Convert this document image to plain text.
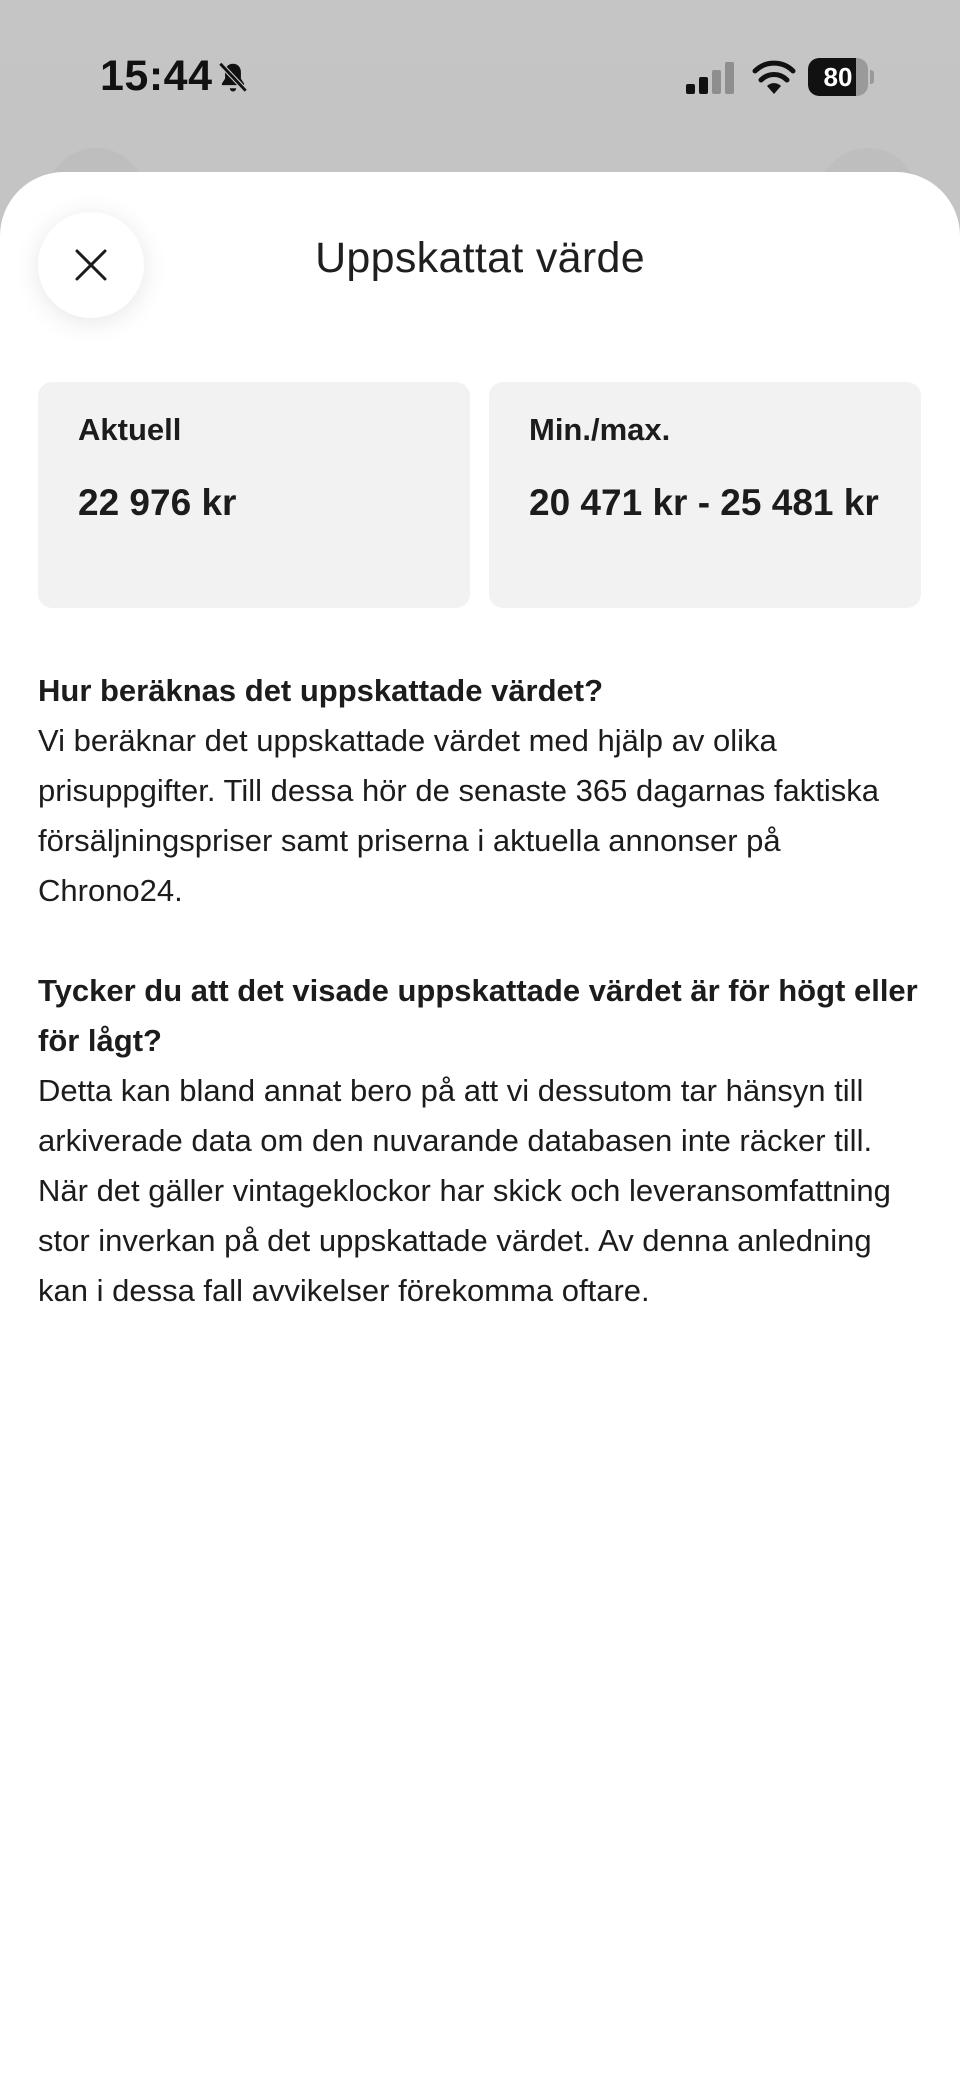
15:44	80
Uppskattat värde
Aktuell
22 976 kr
Min./max.
20 471 kr - 25 481 kr
Hur beräknas det uppskattade värdet?
Vi beräknar det uppskattade värdet med hjälp av olika prisuppgifter. Till dessa hör de senaste 365 dagarnas faktiska försäljningspriser samt priserna i aktuella annonser på Chrono24.
Tycker du att det visade uppskattade värdet är för högt eller för lågt?
Detta kan bland annat bero på att vi dessutom tar hänsyn till arkiverade data om den nuvarande databasen inte räcker till. När det gäller vintageklockor har skick och leveransomfattning stor inverkan på det uppskattade värdet. Av denna anledning kan i dessa fall avvikelser förekomma oftare.
